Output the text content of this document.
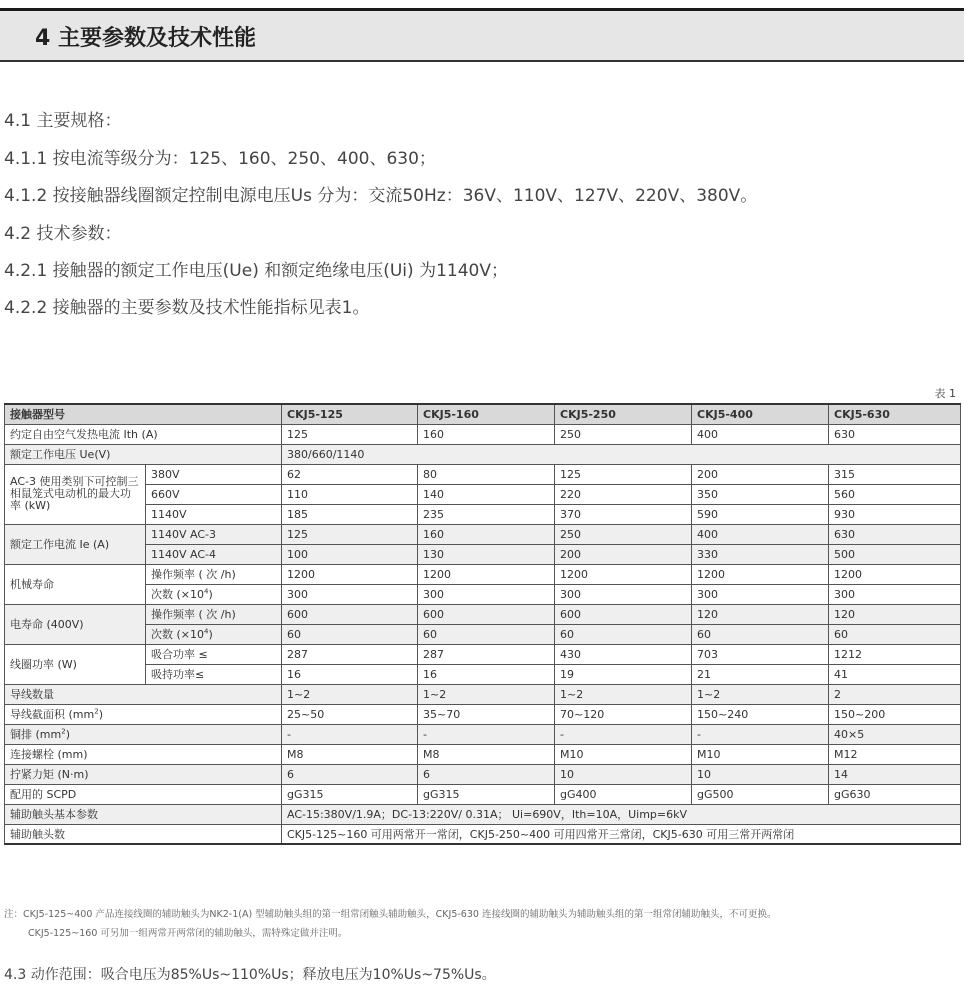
4 主要参数及技术性能
4.1 主要规格：
4.1.1 按电流等级分为：125、160、250、400、630；
4.1.2 按接触器线圈额定控制电源电压Us 分为：交流50Hz：36V、110V、127V、220V、380V。
4.2 技术参数：
4.2.1 接触器的额定工作电压(Ue) 和额定绝缘电压(Ui) 为1140V；
4.2.2 接触器的主要参数及技术性能指标见表1。
表 1
接触器型号		CKJ5-125	CKJ5-160	CKJ5-250	CKJ5-400	CKJ5-630
约定自由空气发热电流 Ith (A)		125	160	250	400	630
额定工作电压 Ue(V)		380/660/1140				
AC-3 使用类别下可控制三相鼠笼式电动机的最大功率 (kW)	380V	62	80	125	200	315
	660V	110	140	220	350	560
	1140V	185	235	370	590	930
额定工作电流 Ie (A)	1140V AC-3	125	160	250	400	630
	1140V AC-4	100	130	200	330	500
机械寿命	操作频率 ( 次 /h)	1200	1200	1200	1200	1200
	次数 $(\times 10^4)$	300	300	300	300	300
电寿命 (400V)	操作频率 ( 次 /h)	600	600	600	120	120
	次数 $(\times 10^4)$	60	60	60	60	60
线圈功率 (W)	吸合功率 ≤	287	287	430	703	1212
	吸持功率≤	16	16	19	21	41
导线数量		1~2	1~2	1~2	1~2	2
导线截面积 $(mm^2)$		25~50	35~70	70~120	150~240	150~200
铜排 $(mm^2)$		-	-	-	-	40×5
连接螺栓 (mm)		M8	M8	M10	M10	M12
拧紧力矩 (N·m)		6	6	10	10	14
配用的 SCPD		gG315	gG315	gG400	gG500	gG630
辅助触头基本参数		AC-15:380V/1.9A；DC-13:220V/ 0.31A； Ui=690V，Ith=10A，Uimp=6kV				
辅助触头数		CKJ5-125~160 可用两常开一常闭，CKJ5-250~400 可用四常开三常闭，CKJ5-630 可用三常开两常闭				
注：CKJ5-125~400 产品连接线圈的辅助触头为NK2-1(A) 型辅助触头组的第一组常闭触头辅助触头，CKJ5-630 连接线圈的辅助触头为辅助触头组的第一组常闭辅助触头，不可更换。
CKJ5-125~160 可另加一组两常开两常闭的辅助触头，需特殊定做并注明。
4.3 动作范围：吸合电压为85%Us~110%Us；释放电压为10%Us~75%Us。
